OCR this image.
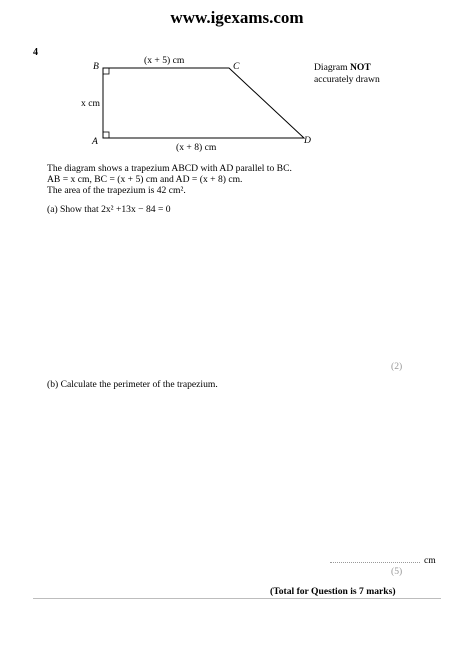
www.igexams.com
4
B	C
A	D
(x + 5) cm
x cm
(x + 8) cm
Diagram NOT
accurately drawn
The diagram shows a trapezium ABCD with AD parallel to BC.
AB = x cm, BC = (x + 5) cm and AD = (x + 8) cm.
The area of the trapezium is 42 cm².
(a) Show that 2x² +13x − 84 = 0
(2)
(b) Calculate the perimeter of the trapezium.
cm
(5)
(Total for Question is 7 marks)
